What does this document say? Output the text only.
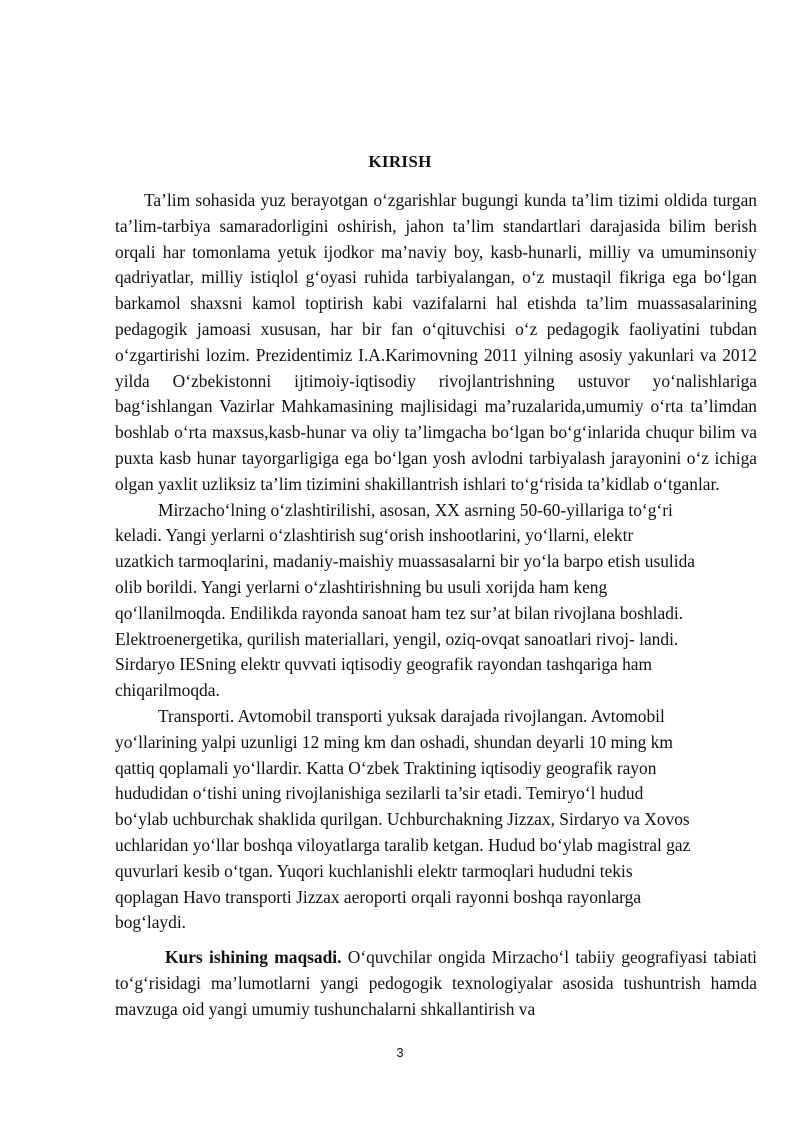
KIRISH

Ta’lim sohasida yuz berayotgan o‘zgarishlar bugungi kunda ta’lim tizimi oldida turgan ta’lim-tarbiya samaradorligini oshirish, jahon ta’lim standartlari darajasida bilim berish orqali har tomonlama yetuk ijodkor ma’naviy boy, kasb-hunarli, milliy va umuminsoniy qadriyatlar, milliy istiqlol g‘oyasi ruhida tarbiyalangan, o‘z mustaqil fikriga ega bo‘lgan barkamol shaxsni kamol toptirish kabi vazifalarni hal etishda ta’lim muassasalarining pedagogik jamoasi xususan, har bir fan o‘qituvchisi o‘z pedagogik faoliyatini tubdan o‘zgartirishi lozim. Prezidentimiz I.A.Karimovning 2011 yilning asosiy yakunlari va 2012 yilda O‘zbekistonni ijtimoiy-iqtisodiy rivojlantrishning ustuvor yo‘nalishlariga bag‘ishlangan Vazirlar Mahkamasining majlisidagi ma’ruzalarida,umumiy o‘rta ta’limdan boshlab o‘rta maxsus,kasb-hunar va oliy ta’limgacha bo‘lgan bo‘g‘inlarida chuqur bilim va puxta kasb hunar tayorgarligiga ega bo‘lgan yosh avlodni tarbiyalash jarayonini o‘z ichiga olgan yaxlit uzliksiz ta’lim tizimini shakillantrish ishlari to‘g‘risida ta’kidlab o‘tganlar.

Mirzacho‘lning o‘zlashtirilishi, asosan, XX asrning 50-60-yillariga to‘g‘ri
keladi. Yangi yerlarni o‘zlashtirish sug‘orish inshootlarini, yo‘llarni, elektr
uzatkich tarmoqlarini, madaniy-maishiy muassasalarni bir yo‘la barpo etish usulida
olib borildi. Yangi yerlarni o‘zlashtirishning bu usuli xorijda ham keng
qo‘llanilmoqda. Endilikda rayonda sanoat ham tez sur’at bilan rivojlana boshladi.
Elektroenergetika, qurilish materiallari, yengil, oziq-ovqat sanoatlari rivoj- landi.
Sirdaryo IESning elektr quvvati iqtisodiy geografik rayondan tashqariga ham
chiqarilmoqda.

Transporti. Avtomobil transporti yuksak darajada rivojlangan. Avtomobil
yo‘llarining yalpi uzunligi 12 ming km dan oshadi, shundan deyarli 10 ming km
qattiq qoplamali yo‘llardir. Katta O‘zbek Traktining iqtisodiy geografik rayon
hududidan o‘tishi uning rivojlanishiga sezilarli ta’sir etadi. Temiryo‘l hudud
bo‘ylab uchburchak shaklida qurilgan. Uchburchakning Jizzax, Sirdaryo va Xovos
uchlaridan yo‘llar boshqa viloyatlarga taralib ketgan. Hudud bo‘ylab magistral gaz
quvurlari kesib o‘tgan. Yuqori kuchlanishli elektr tarmoqlari hududni tekis
qoplagan Havo transporti Jizzax aeroporti orqali rayonni boshqa rayonlarga
bog‘laydi.

Kurs ishining maqsadi. O‘quvchilar ongida Mirzacho‘l tabiiy geografiyasi tabiati to‘g‘risidagi ma’lumotlarni yangi pedogogik texnologiyalar asosida tushuntrish hamda mavzuga oid yangi umumiy tushunchalarni shkallantirish va

3
